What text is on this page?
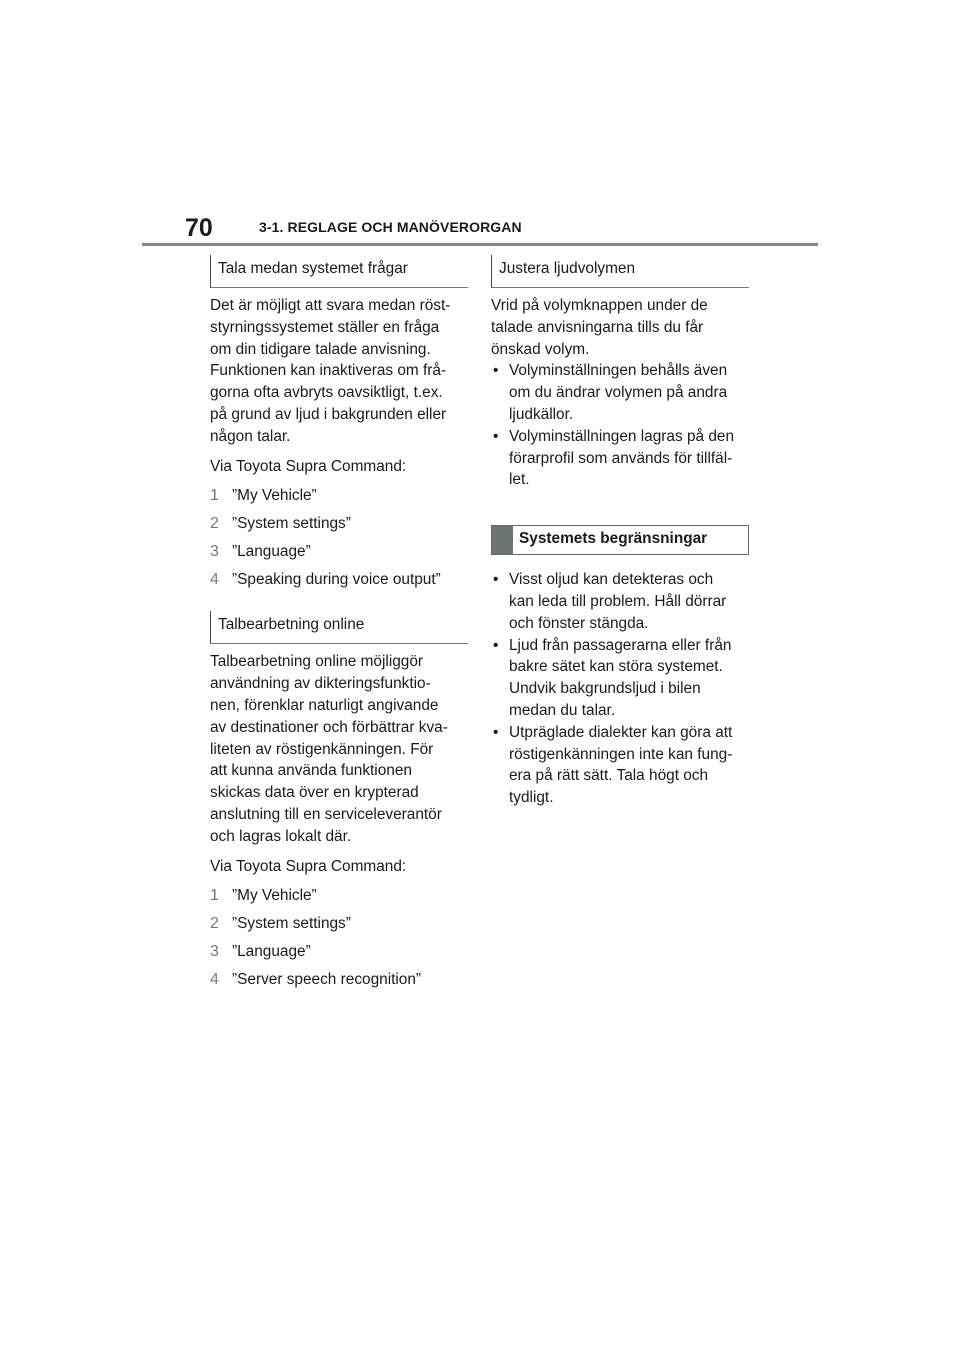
70	3-1. REGLAGE OCH MANÖVERORGAN
Tala medan systemet frågar
Det är möjligt att svara medan röst-
styrningssystemet ställer en fråga
om din tidigare talade anvisning.
Funktionen kan inaktiveras om frå-
gorna ofta avbryts oavsiktligt, t.ex.
på grund av ljud i bakgrunden eller
någon talar.
Via Toyota Supra Command:
1 ”My Vehicle”
2 ”System settings”
3 ”Language”
4 ”Speaking during voice output”
Talbearbetning online
Talbearbetning online möjliggör
användning av dikteringsfunktio-
nen, förenklar naturligt angivande
av destinationer och förbättrar kva-
liteten av röstigenkänningen. För
att kunna använda funktionen
skickas data över en krypterad
anslutning till en serviceleverantör
och lagras lokalt där.
Via Toyota Supra Command:
1 ”My Vehicle”
2 ”System settings”
3 ”Language”
4 ”Server speech recognition”
Justera ljudvolymen
Vrid på volymknappen under de
talade anvisningarna tills du får
önskad volym.
• Volyminställningen behålls även
om du ändrar volymen på andra
ljudkällor.
• Volyminställningen lagras på den
förarprofil som används för tillfäl-
let.
Systemets begränsningar
• Visst oljud kan detekteras och
kan leda till problem. Håll dörrar
och fönster stängda.
• Ljud från passagerarna eller från
bakre sätet kan störa systemet.
Undvik bakgrundsljud i bilen
medan du talar.
• Utpräglade dialekter kan göra att
röstigenkänningen inte kan fung-
era på rätt sätt. Tala högt och
tydligt.
